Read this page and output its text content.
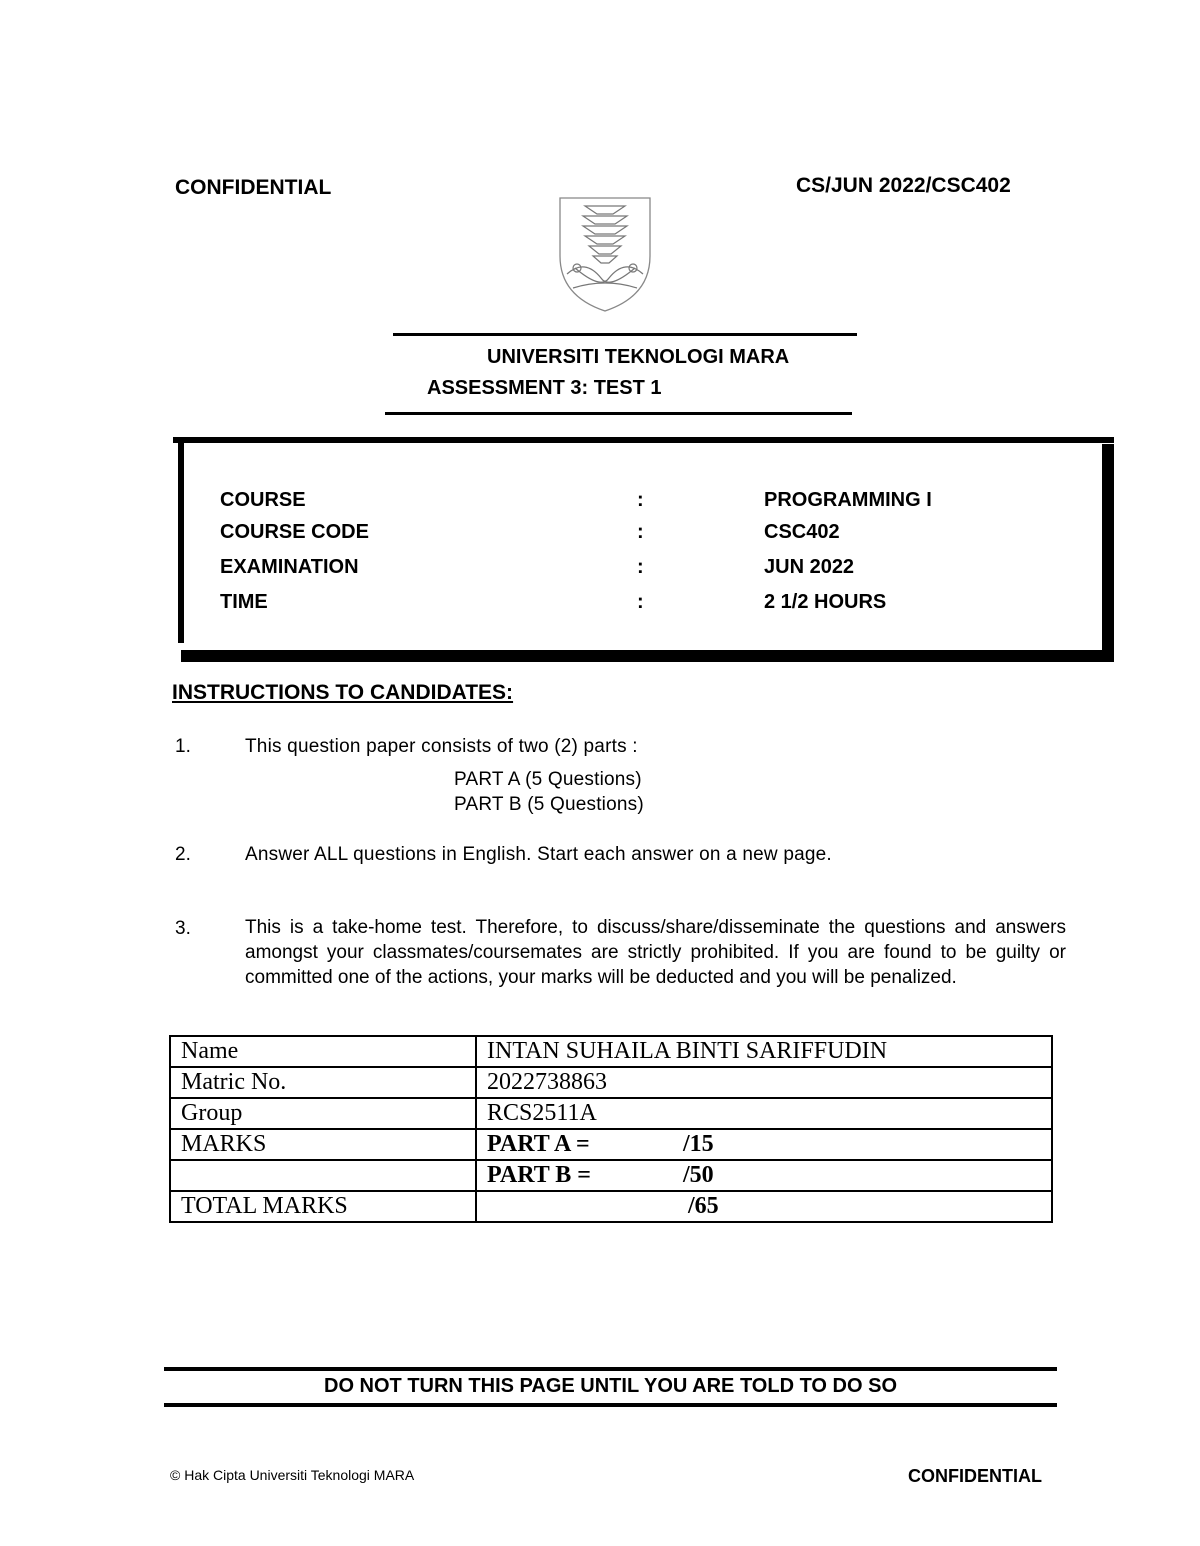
CONFIDENTIAL	CS/JUN 2022/CSC402
UNIVERSITI TEKNOLOGI MARA
ASSESSMENT 3: TEST 1
COURSE	:	PROGRAMMING I
COURSE CODE	:	CSC402
EXAMINATION	:	JUN 2022
TIME	:	2 1/2 HOURS
INSTRUCTIONS TO CANDIDATES:
1.	This question paper consists of two (2) parts :
PART A (5 Questions)
PART B (5 Questions)
2.	Answer ALL questions in English. Start each answer on a new page.
3.	This is a take-home test. Therefore, to discuss/share/disseminate the questions and answers amongst your classmates/coursemates are strictly prohibited. If you are found to be guilty or committed one of the actions, your marks will be deducted and you will be penalized.
Name	INTAN SUHAILA BINTI SARIFFUDIN
Matric No.	2022738863
Group	RCS2511A
MARKS	PART A = /15
	PART B = /50
TOTAL MARKS	/65
DO NOT TURN THIS PAGE UNTIL YOU ARE TOLD TO DO SO
© Hak Cipta Universiti Teknologi MARA	CONFIDENTIAL
